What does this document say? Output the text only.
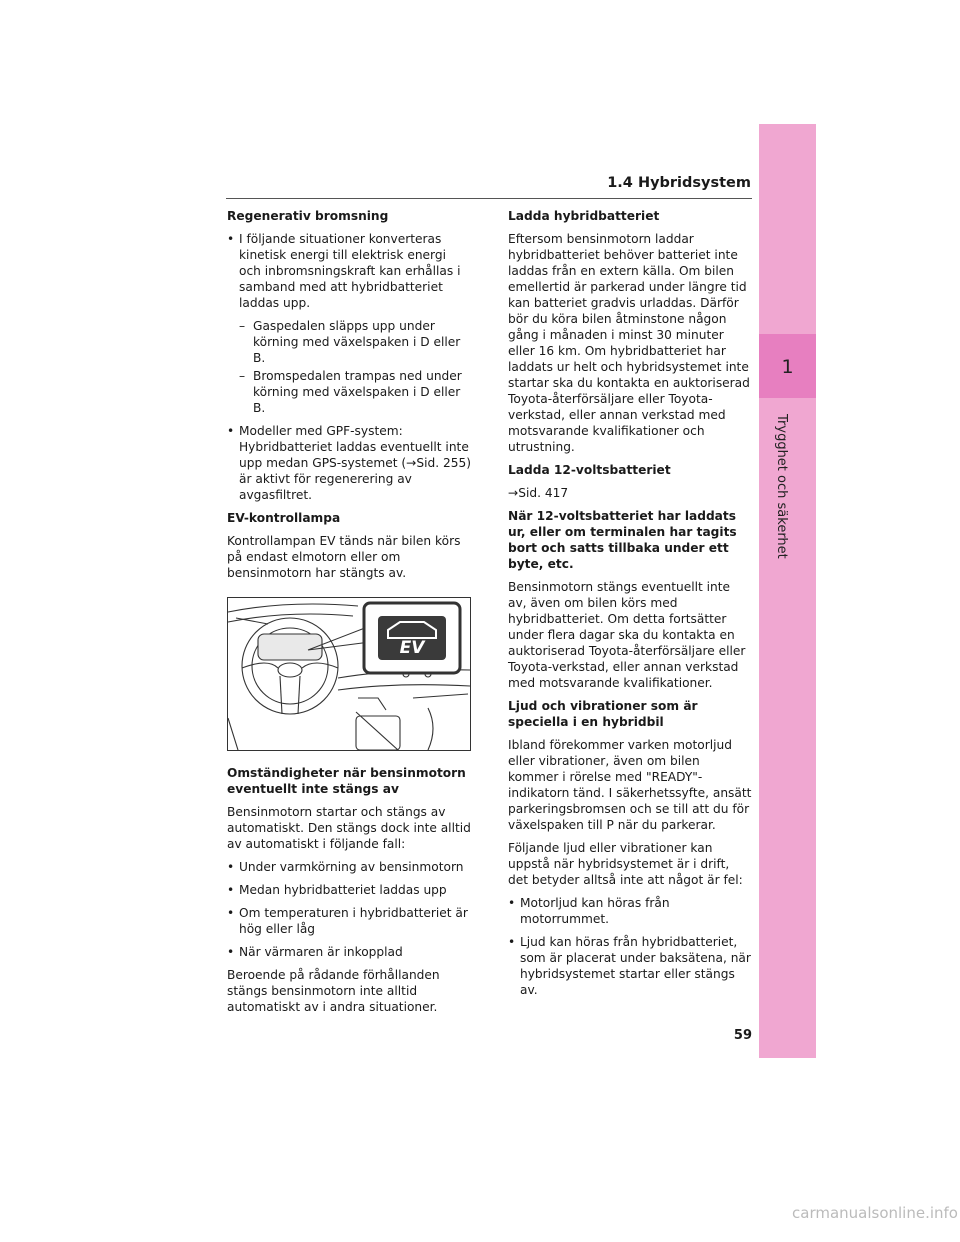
1.4 Hybridsystem
1
Trygghet och säkerhet
Regenerativ bromsning
• I följande situationer konverteras kinetisk energi till elektrisk energi och inbromsningskraft kan erhållas i samband med att hybridbatteriet laddas upp.
– Gaspedalen släpps upp under körning med växelspaken i D eller B.
– Bromspedalen trampas ned under körning med växelspaken i D eller B.
• Modeller med GPF-system: Hybridbatteriet laddas eventuellt inte upp medan GPS-systemet (→Sid. 255) är aktivt för regenerering av avgasfiltret.
EV-kontrollampa
Kontrollampan EV tänds när bilen körs på endast elmotorn eller om bensinmotorn har stängts av.
EV
Omständigheter när bensinmotorn eventuellt inte stängs av
Bensinmotorn startar och stängs av automatiskt. Den stängs dock inte alltid av automatiskt i följande fall:
• Under varmkörning av bensinmotorn
• Medan hybridbatteriet laddas upp
• Om temperaturen i hybridbatteriet är hög eller låg
• När värmaren är inkopplad
Beroende på rådande förhållanden stängs bensinmotorn inte alltid automatiskt av i andra situationer.
Ladda hybridbatteriet
Eftersom bensinmotorn laddar hybridbatteriet behöver batteriet inte laddas från en extern källa. Om bilen emellertid är parkerad under längre tid kan batteriet gradvis urladdas. Därför bör du köra bilen åtminstone någon gång i månaden i minst 30 minuter eller 16 km. Om hybridbatteriet har laddats ur helt och hybridsystemet inte startar ska du kontakta en auktoriserad Toyota-återförsäljare eller Toyota-verkstad, eller annan verkstad med motsvarande kvalifikationer och utrustning.
Ladda 12-voltsbatteriet
→Sid. 417
När 12-voltsbatteriet har laddats ur, eller om terminalen har tagits bort och satts tillbaka under ett byte, etc.
Bensinmotorn stängs eventuellt inte av, även om bilen körs med hybridbatteriet. Om detta fortsätter under flera dagar ska du kontakta en auktoriserad Toyota-återförsäljare eller Toyota-verkstad, eller annan verkstad med motsvarande kvalifikationer.
Ljud och vibrationer som är speciella i en hybridbil
Ibland förekommer varken motorljud eller vibrationer, även om bilen kommer i rörelse med "READY"-indikatorn tänd. I säkerhetssyfte, ansätt parkeringsbromsen och se till att du för växelspaken till P när du parkerar.
Följande ljud eller vibrationer kan uppstå när hybridsystemet är i drift, det betyder alltså inte att något är fel:
• Motorljud kan höras från motorrummet.
• Ljud kan höras från hybridbatteriet, som är placerat under baksätena, när hybridsystemet startar eller stängs av.
59
carmanualsonline.info
